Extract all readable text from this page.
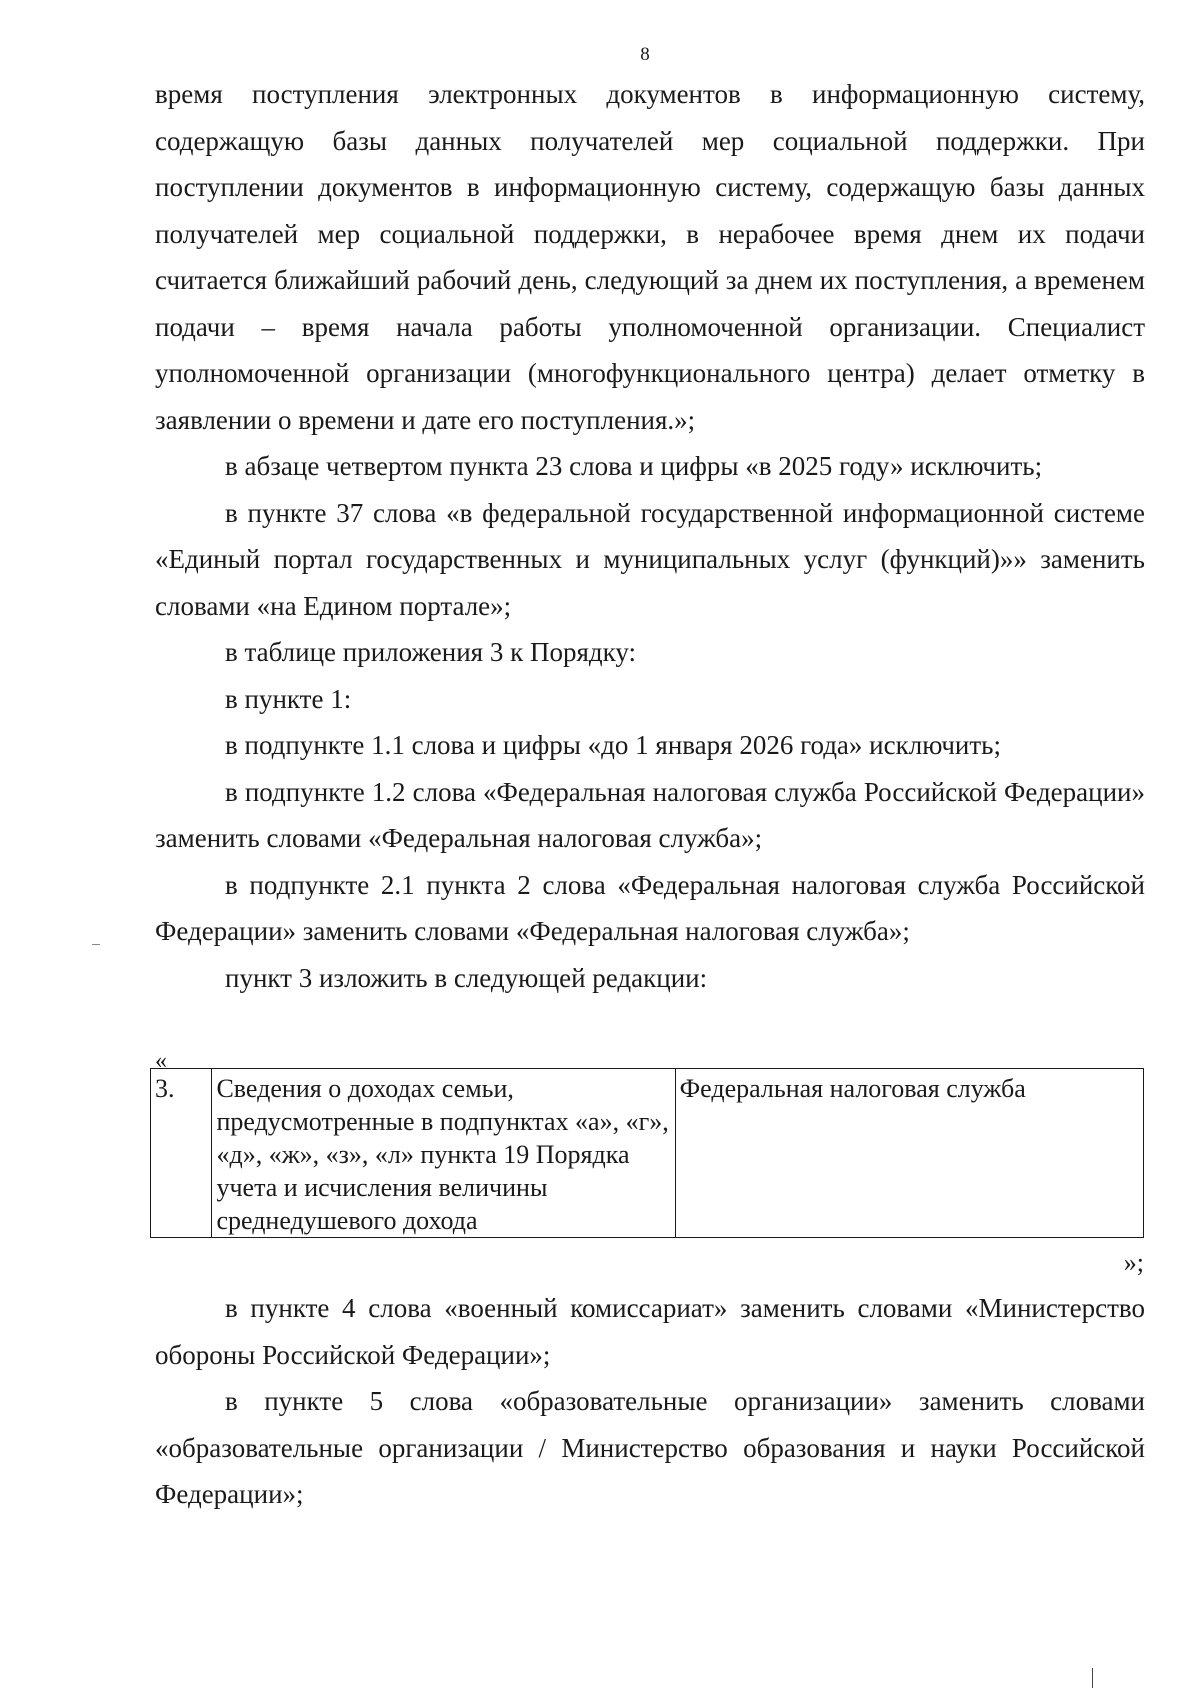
8

время поступления электронных документов в информационную систему, содержащую базы данных получателей мер социальной поддержки. При поступлении документов в информационную систему, содержащую базы данных получателей мер социальной поддержки, в нерабочее время днем их подачи считается ближайший рабочий день, следующий за днем их поступления, а временем подачи – время начала работы уполномоченной организации. Специалист уполномоченной организации (многофункционального центра) делает отметку в заявлении о времени и дате его поступления.»;

в абзаце четвертом пункта 23 слова и цифры «в 2025 году» исключить;

в пункте 37 слова «в федеральной государственной информационной системе «Единый портал государственных и муниципальных услуг (функций)»» заменить словами «на Едином портале»;

в таблице приложения 3 к Порядку:

в пункте 1:

в подпункте 1.1 слова и цифры «до 1 января 2026 года» исключить;

в подпункте 1.2 слова «Федеральная налоговая служба Российской Федерации» заменить словами «Федеральная налоговая служба»;

в подпункте 2.1 пункта 2 слова «Федеральная налоговая служба Российской Федерации» заменить словами «Федеральная налоговая служба»;

пункт 3 изложить в следующей редакции:

«
3.	Сведения о доходах семьи, предусмотренные в подпунктах «а», «г», «д», «ж», «з», «л» пункта 19 Порядка учета и исчисления величины среднедушевого дохода	Федеральная налоговая служба
»;

в пункте 4 слова «военный комиссариат» заменить словами «Министерство обороны Российской Федерации»;

в пункте 5 слова «образовательные организации» заменить словами «образовательные организации / Министерство образования и науки Российской Федерации»;
